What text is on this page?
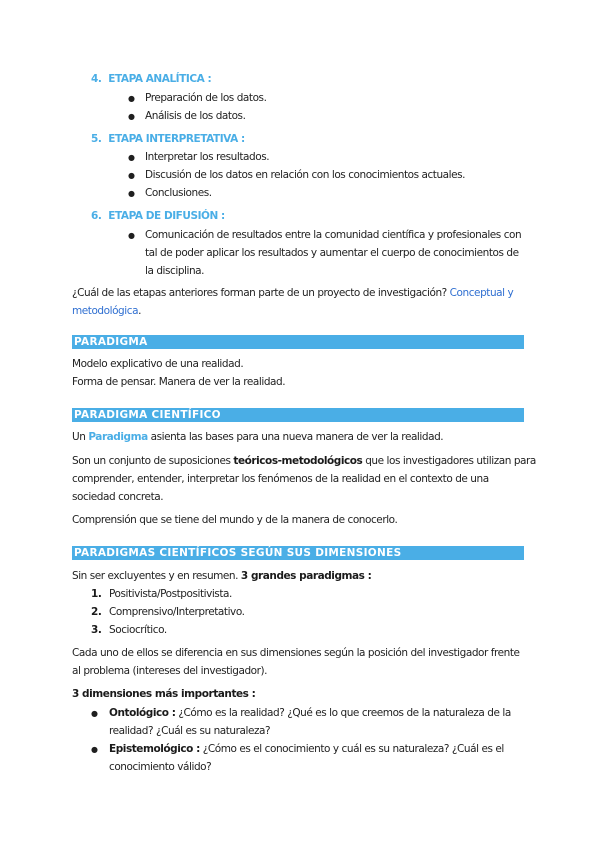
4. ETAPA ANALÍTICA :
● Preparación de los datos.
● Análisis de los datos.
5. ETAPA INTERPRETATIVA :
● Interpretar los resultados.
● Discusión de los datos en relación con los conocimientos actuales.
● Conclusiones.
6. ETAPA DE DIFUSIÓN :
● Comunicación de resultados entre la comunidad científica y profesionales con
tal de poder aplicar los resultados y aumentar el cuerpo de conocimientos de
la disciplina.
¿Cuál de las etapas anteriores forman parte de un proyecto de investigación? Conceptual y
metodológica.
PARADIGMA
Modelo explicativo de una realidad.
Forma de pensar. Manera de ver la realidad.
PARADIGMA CIENTÍFICO
Un Paradigma asienta las bases para una nueva manera de ver la realidad.
Son un conjunto de suposiciones teóricos-metodológicos que los investigadores utilizan para
comprender, entender, interpretar los fenómenos de la realidad en el contexto de una
sociedad concreta.
Comprensión que se tiene del mundo y de la manera de conocerlo.
PARADIGMAS CIENTÍFICOS SEGÚN SUS DIMENSIONES
Sin ser excluyentes y en resumen. 3 grandes paradigmas :
1. Positivista/Postpositivista.
2. Comprensivo/Interpretativo.
3. Sociocrítico.
Cada uno de ellos se diferencia en sus dimensiones según la posición del investigador frente
al problema (intereses del investigador).
3 dimensiones más importantes :
● Ontológico : ¿Cómo es la realidad? ¿Qué es lo que creemos de la naturaleza de la
realidad? ¿Cuál es su naturaleza?
● Epistemológico : ¿Cómo es el conocimiento y cuál es su naturaleza? ¿Cuál es el
conocimiento válido?
